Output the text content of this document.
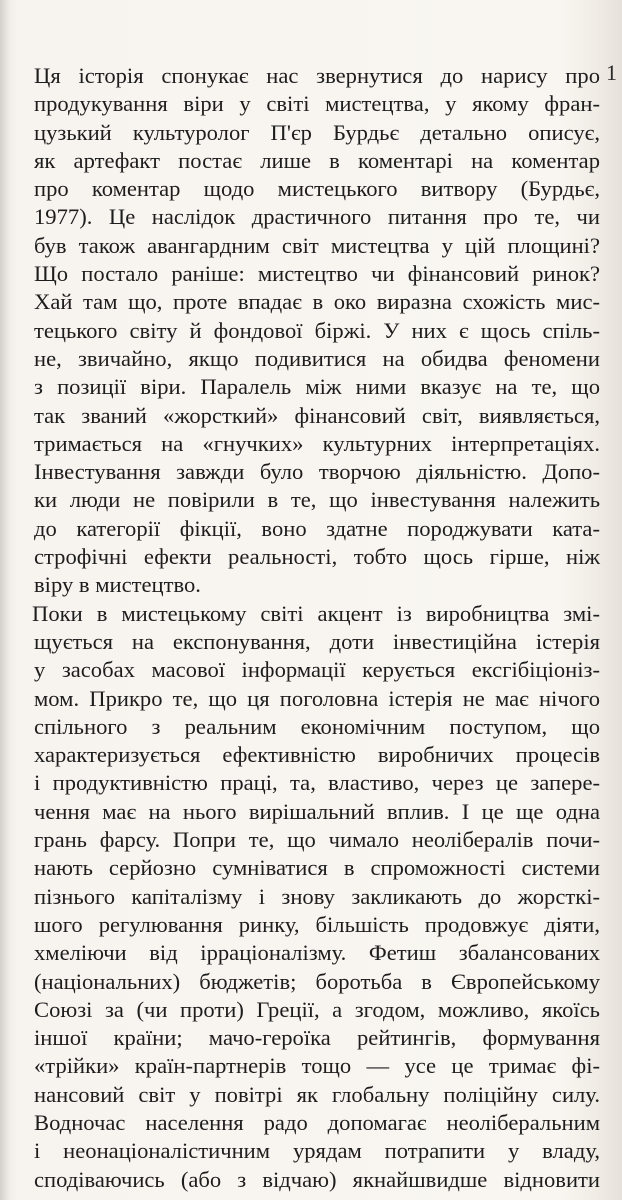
1
Ця історія спонукає нас звернутися до нарису про
продукування віри у світі мистецтва, у якому фран-
цузький культуролог П'єр Бурдьє детально описує,
як артефакт постає лише в коментарі на коментар
про коментар щодо мистецького витвору (Бурдьє,
1977). Це наслідок драстичного питання про те, чи
був також авангардним світ мистецтва у цій площині?
Що постало раніше: мистецтво чи фінансовий ринок?
Хай там що, проте впадає в око виразна схожість мис-
тецького світу й фондової біржі. У них є щось спіль-
не, звичайно, якщо подивитися на обидва феномени
з позиції віри. Паралель між ними вказує на те, що
так званий «жорсткий» фінансовий світ, виявляється,
тримається на «гнучких» культурних інтерпретаціях.
Інвестування завжди було творчою діяльністю. Допо-
ки люди не повірили в те, що інвестування належить
до категорії фікції, воно здатне породжувати ката-
строфічні ефекти реальності, тобто щось гірше, ніж
віру в мистецтво.
Поки в мистецькому світі акцент із виробництва змі-
щується на експонування, доти інвестиційна істерія
у засобах масової інформації керується ексгібіціоніз-
мом. Прикро те, що ця поголовна істерія не має нічого
спільного з реальним економічним поступом, що
характеризується ефективністю виробничих процесів
і продуктивністю праці, та, властиво, через це запере-
чення має на нього вирішальний вплив. І це ще одна
грань фарсу. Попри те, що чимало неолібералів почи-
нають серйозно сумніватися в спроможності системи
пізнього капіталізму і знову закликають до жорсткі-
шого регулювання ринку, більшість продовжує діяти,
хмеліючи від ірраціоналізму. Фетиш збалансованих
(національних) бюджетів; боротьба в Європейському
Союзі за (чи проти) Греції, а згодом, можливо, якоїсь
іншої країни; мачо-героїка рейтингів, формування
«трійки» країн-партнерів тощо — усе це тримає фі-
нансовий світ у повітрі як глобальну поліційну силу.
Водночас населення радо допомагає неоліберальним
і неонаціоналістичним урядам потрапити у владу,
сподіваючись (або з відчаю) якнайшвидше відновити
